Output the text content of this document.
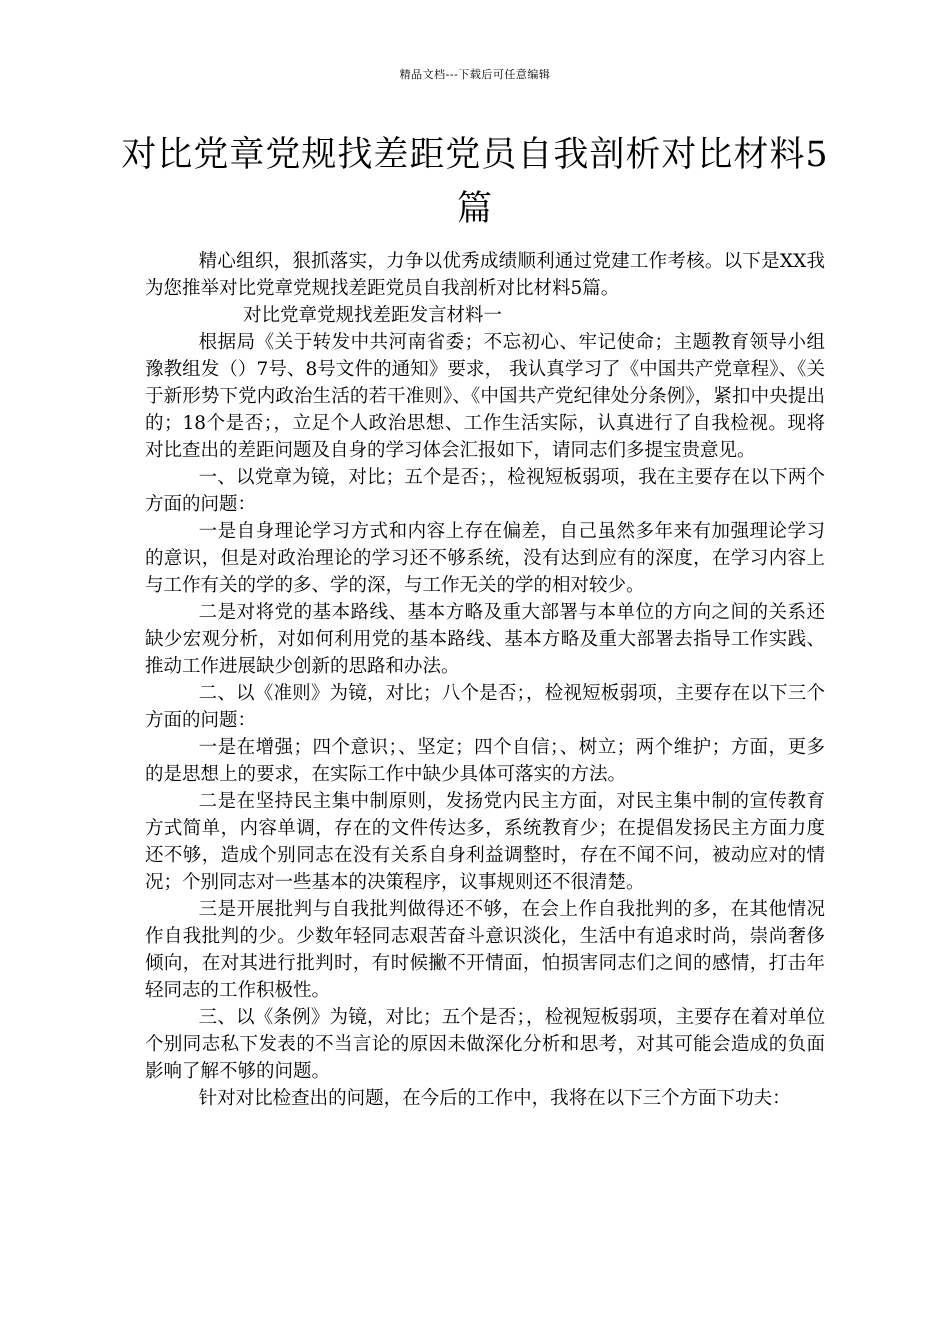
精品文档---下载后可任意编辑
对比党章党规找差距党员自我剖析对比材料5篇

精心组织，狠抓落实，力争以优秀成绩顺利通过党建工作考核。以下是XX我为您推举对比党章党规找差距党员自我剖析对比材料5篇。

对比党章党规找差距发言材料一

根据局《关于转发中共河南省委；不忘初心、牢记使命；主题教育领导小组豫教组发（）7号、8号文件的通知》要求， 我认真学习了《中国共产党章程》、《关于新形势下党内政治生活的若干准则》、《中国共产党纪律处分条例》，紧扣中央提出的；18个是否；，立足个人政治思想、工作生活实际，认真进行了自我检视。现将对比查出的差距问题及自身的学习体会汇报如下，请同志们多提宝贵意见。

一、以党章为镜，对比；五个是否；，检视短板弱项，我在主要存在以下两个方面的问题：

一是自身理论学习方式和内容上存在偏差，自己虽然多年来有加强理论学习的意识，但是对政治理论的学习还不够系统，没有达到应有的深度，在学习内容上与工作有关的学的多、学的深，与工作无关的学的相对较少。

二是对将党的基本路线、基本方略及重大部署与本单位的方向之间的关系还缺少宏观分析，对如何利用党的基本路线、基本方略及重大部署去指导工作实践、推动工作进展缺少创新的思路和办法。

二、以《准则》为镜，对比；八个是否；，检视短板弱项，主要存在以下三个方面的问题：

一是在增强；四个意识；、坚定；四个自信；、树立；两个维护；方面，更多的是思想上的要求，在实际工作中缺少具体可落实的方法。

二是在坚持民主集中制原则，发扬党内民主方面，对民主集中制的宣传教育方式简单，内容单调，存在的文件传达多，系统教育少；在提倡发扬民主方面力度还不够，造成个别同志在没有关系自身利益调整时，存在不闻不问，被动应对的情况；个别同志对一些基本的决策程序，议事规则还不很清楚。

三是开展批判与自我批判做得还不够，在会上作自我批判的多，在其他情况作自我批判的少。少数年轻同志艰苦奋斗意识淡化，生活中有追求时尚，崇尚奢侈倾向，在对其进行批判时，有时候撇不开情面，怕损害同志们之间的感情，打击年轻同志的工作积极性。

三、以《条例》为镜，对比；五个是否；，检视短板弱项，主要存在着对单位个别同志私下发表的不当言论的原因未做深化分析和思考，对其可能会造成的负面影响了解不够的问题。

针对对比检查出的问题，在今后的工作中，我将在以下三个方面下功夫：
